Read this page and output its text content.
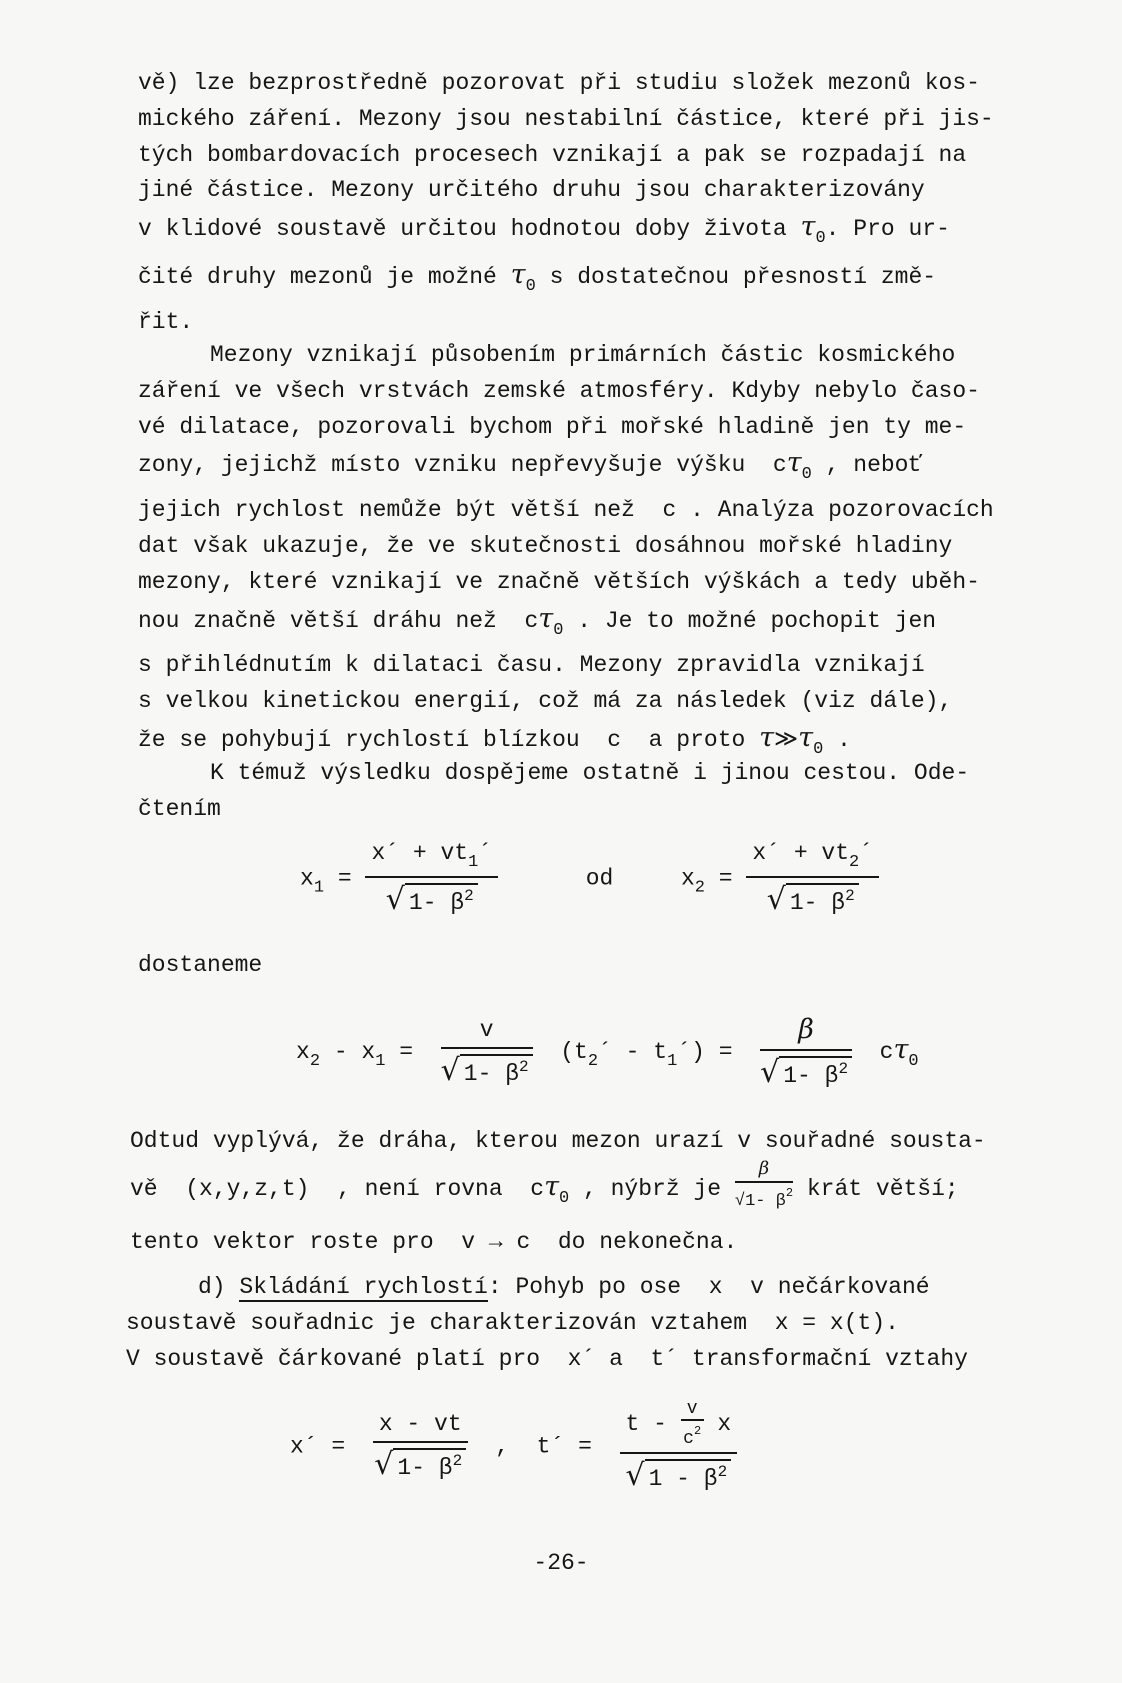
vě) lze bezprostředně pozorovat při studiu složek mezonů kos-
mického záření. Mezony jsou nestabilní částice, které při jis-
tých bombardovacích procesech vznikají a pak se rozpadají na
jiné částice. Mezony určitého druhu jsou charakterizovány
v klidové soustavě určitou hodnotou doby života $\tau_0$. Pro ur-
čité druhy mezonů je možné $\tau_0$ s dostatečnou přesností změ-
řit.
Mezony vznikají působením primárních částic kosmického
záření ve všech vrstvách zemské atmosféry. Kdyby nebylo časo-
vé dilatace, pozorovali bychom při mořské hladině jen ty me-
zony, jejichž místo vzniku nepřevyšuje výšku  $c\tau_0$ , neboť
jejich rychlost nemůže být větší než  c . Analýza pozorovacích
dat však ukazuje, že ve skutečnosti dosáhnou mořské hladiny
mezony, které vznikají ve značně větších výškách a tedy uběh-
nou značně větší dráhu než  $c\tau_0$ . Je to možné pochopit jen
s přihlédnutím k dilataci času. Mezony zpravidla vznikají
s velkou kinetickou energií, což má za následek (viz dále),
že se pohybují rychlostí blízkou  c  a proto $\tau≫\tau_0$ .
K témuž výsledku dospějeme ostatně i jinou cestou. Ode-
čtením
$x_1 = \frac{x´ + vt_1´}{√ 1- \beta^2}$	od	$x_2 = \frac{x´ + vt_2´}{√ 1- \beta^2}$
dostaneme
$x_2 - x_1 = \frac{v}{√ 1- \beta^2}$ ($t_2´$ - $t_1´) = \frac{\beta}{√ 1- \beta^2} c\tau_0$
Odtud vyplývá, že dráha, kterou mezon urazí v souřadné sousta-
vě  (x,y,z,t)  , není rovna  $c\tau_0$ , nýbrž je $\frac{\beta}{√1- \beta^2}$ krát větší;
tento vektor roste pro  v → c  do nekonečna.
d) Skládání rychlostí: Pohyb po ose  x  v nečárkované
soustavě souřadnic je charakterizován vztahem  x = x(t).
V soustavě čárkované platí pro  x´ a  t´ transformační vztahy
x´ = $\frac{x - vt}{√ 1- \beta^2}$ ,  t´ = $\frac{t - \frac{v}{c^2} x}{√ 1 - \beta^2}$
-26-
